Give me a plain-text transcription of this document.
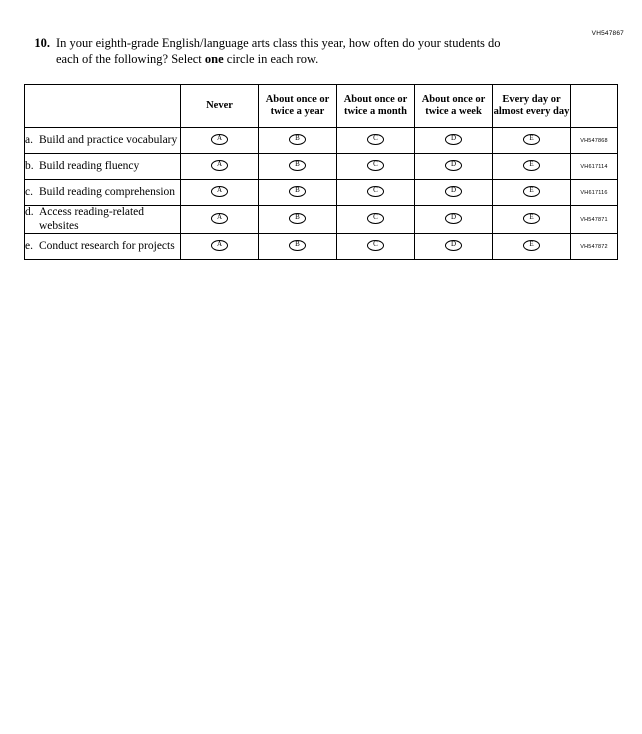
VH547867
10. In your eighth-grade English/language arts class this year, how often do your students do each of the following? Select one circle in each row.
	Never	About once or twice a year	About once or twice a month	About once or twice a week	Every day or almost every day	

a. Build and practice vocabulary	A	B	C	D	E	VH547868

b. Build reading fluency	A	B	C	D	E	VH617114

c. Build reading comprehension	A	B	C	D	E	VH617116

d. Access reading-related websites	A	B	C	D	E	VH547871

e. Conduct research for projects	A	B	C	D	E	VH547872
